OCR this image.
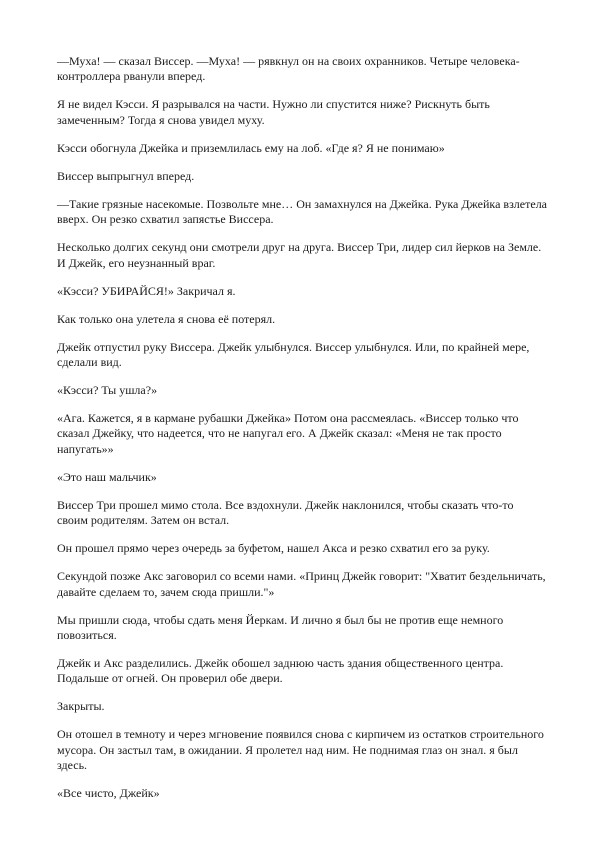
—Муха! — сказал Виссер. —Муха! — рявкнул он на своих охранников. Четыре человека-контроллера рванули вперед.

Я не видел Кэсси. Я разрывался на части. Нужно ли спустится ниже? Рискнуть быть замеченным? Тогда я снова увидел муху.

Кэсси обогнула Джейка и приземлилась ему на лоб. «Где я? Я не понимаю»

Виссер выпрыгнул вперед.

—Такие грязные насекомые. Позвольте мне… Он замахнулся на Джейка. Рука Джейка взлетела вверх. Он резко схватил запястье Виссера.

Несколько долгих секунд они смотрели друг на друга. Виссер Три, лидер сил йерков на Земле. И Джейк, его неузнанный враг.

«Кэсси? УБИРАЙСЯ!» Закричал я.

Как только она улетела я снова её потерял.

Джейк отпустил руку Виссера. Джейк улыбнулся. Виссер улыбнулся. Или, по крайней мере, сделали вид.

«Кэсси? Ты ушла?»

«Ага. Кажется, я в кармане рубашки Джейка» Потом она рассмеялась. «Виссер только что сказал Джейку, что надеется, что не напугал его. А Джейк сказал: «Меня не так просто напугать»»

«Это наш мальчик»

Виссер Три прошел мимо стола. Все вздохнули. Джейк наклонился, чтобы сказать что-то своим родителям. Затем он встал.

Он прошел прямо через очередь за буфетом, нашел Акса и резко схватил его за руку.

Секундой позже Акс заговорил со всеми нами. «Принц Джейк говорит: "Хватит бездельничать, давайте сделаем то, зачем сюда пришли."»

Мы пришли сюда, чтобы сдать меня Йеркам. И лично я был бы не против еще немного повозиться.

Джейк и Акс разделились. Джейк обошел заднюю часть здания общественного центра. Подальше от огней. Он проверил обе двери.

Закрыты.

Он отошел в темноту и через мгновение появился снова с кирпичем из остатков строительного мусора. Он застыл там, в ожидании. Я пролетел над ним. Не поднимая глаз он знал. я был здесь.

«Все чисто, Джейк»
